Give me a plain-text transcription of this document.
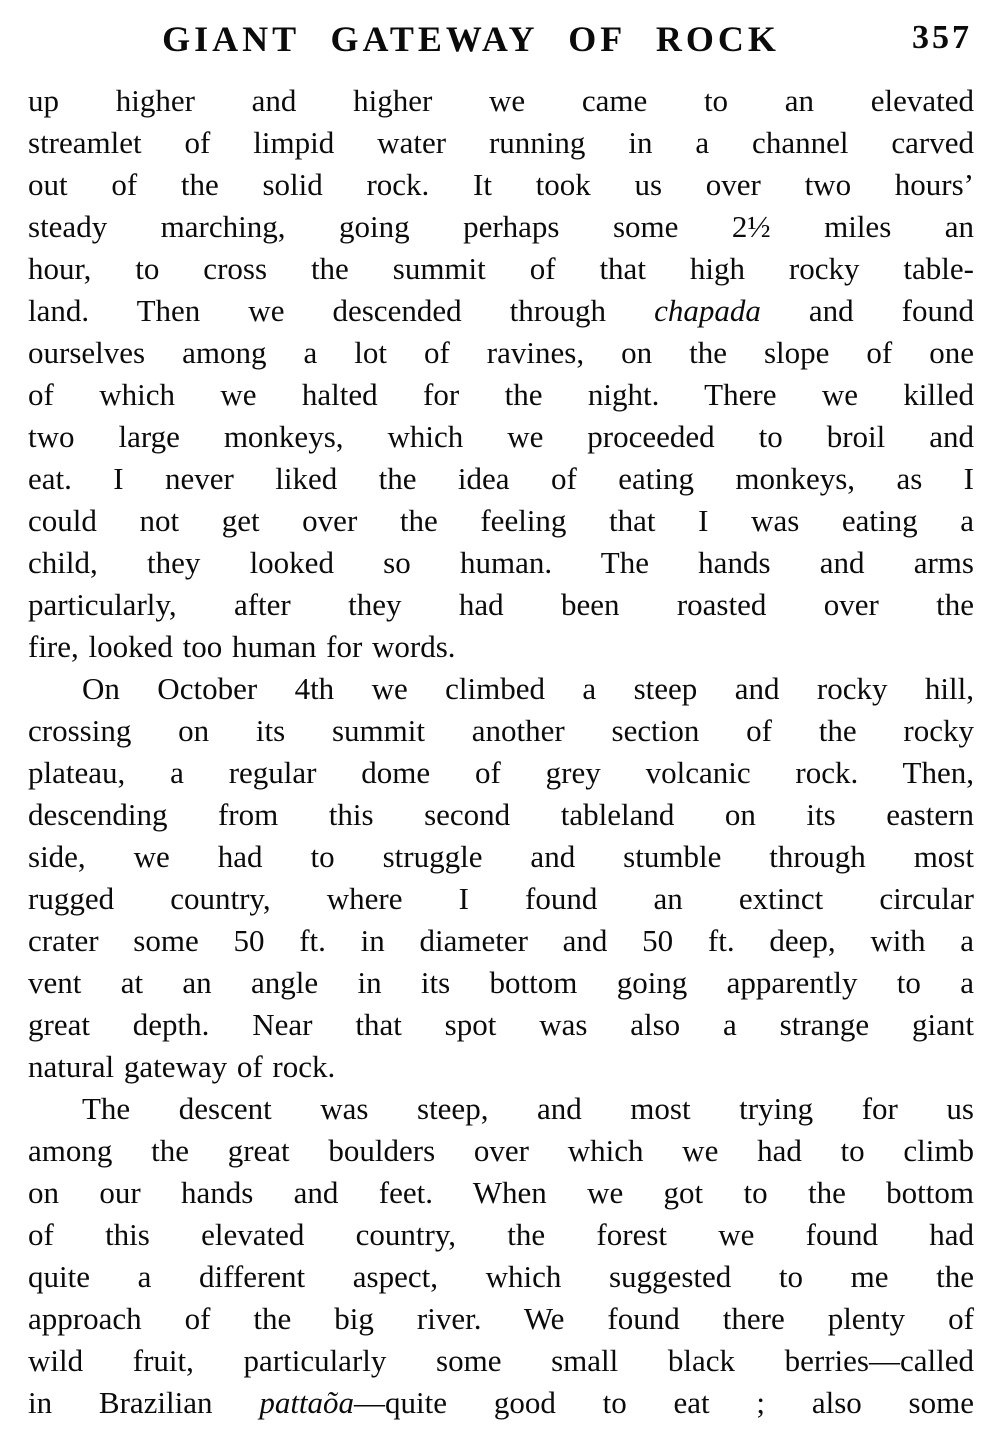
GIANT GATEWAY OF ROCK	357
up higher and higher we came to an elevated
streamlet of limpid water running in a channel carved
out of the solid rock. It took us over two hours’
steady marching, going perhaps some 2½ miles an
hour, to cross the summit of that high rocky table-
land. Then we descended through chapada and found
ourselves among a lot of ravines, on the slope of one
of which we halted for the night. There we killed
two large monkeys, which we proceeded to broil and
eat. I never liked the idea of eating monkeys, as I
could not get over the feeling that I was eating a
child, they looked so human. The hands and arms
particularly, after they had been roasted over the
fire, looked too human for words.
On October 4th we climbed a steep and rocky hill,
crossing on its summit another section of the rocky
plateau, a regular dome of grey volcanic rock. Then,
descending from this second tableland on its eastern
side, we had to struggle and stumble through most
rugged country, where I found an extinct circular
crater some 50 ft. in diameter and 50 ft. deep, with a
vent at an angle in its bottom going apparently to a
great depth. Near that spot was also a strange giant
natural gateway of rock.
The descent was steep, and most trying for us
among the great boulders over which we had to climb
on our hands and feet. When we got to the bottom
of this elevated country, the forest we found had
quite a different aspect, which suggested to me the
approach of the big river. We found there plenty of
wild fruit, particularly some small black berries—called
in Brazilian pattaõa—quite good to eat ; also some
